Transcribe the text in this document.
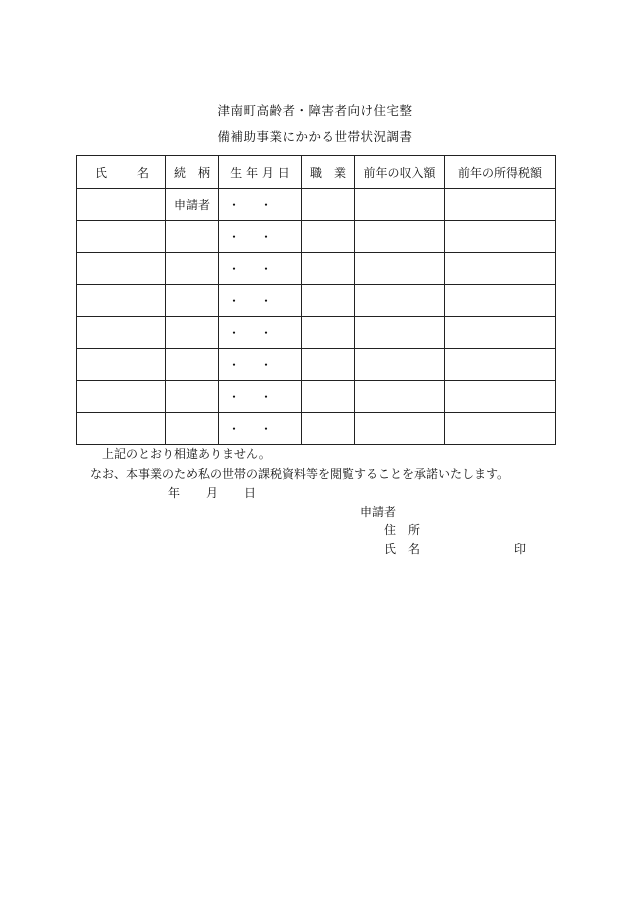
津南町高齢者・障害者向け住宅整
備補助事業にかかる世帯状況調書
氏 名	続　柄	生 年 月 日	職　業	前年の収入額	前年の所得税額
	申請者	・・			
		・・			
		・・			
		・・			
		・・			
		・・			
		・・			
		・・			
上記のとおり相違ありません。
なお、本事業のため私の世帯の課税資料等を閲覧することを承諾いたします。
年 月 日
申請者
住　所
氏　名	印
